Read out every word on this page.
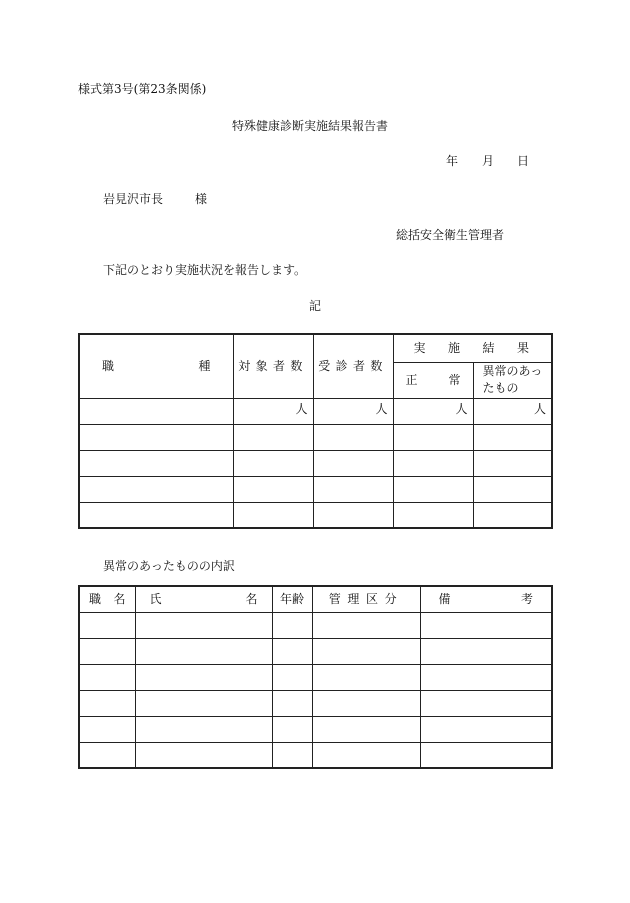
様式第3号(第23条関係)
特殊健康診断実施結果報告書
年 月 日
岩見沢市長	様
総括安全衛生管理者
下記のとおり実施状況を報告します。
記
職 種	対象者数	受診者数	実 施 結 果	

			正 常	異常のあったもの

	人	人	人	人

異常のあったものの内訳
職 名	氏 名	年齢	管理区分	備 考
